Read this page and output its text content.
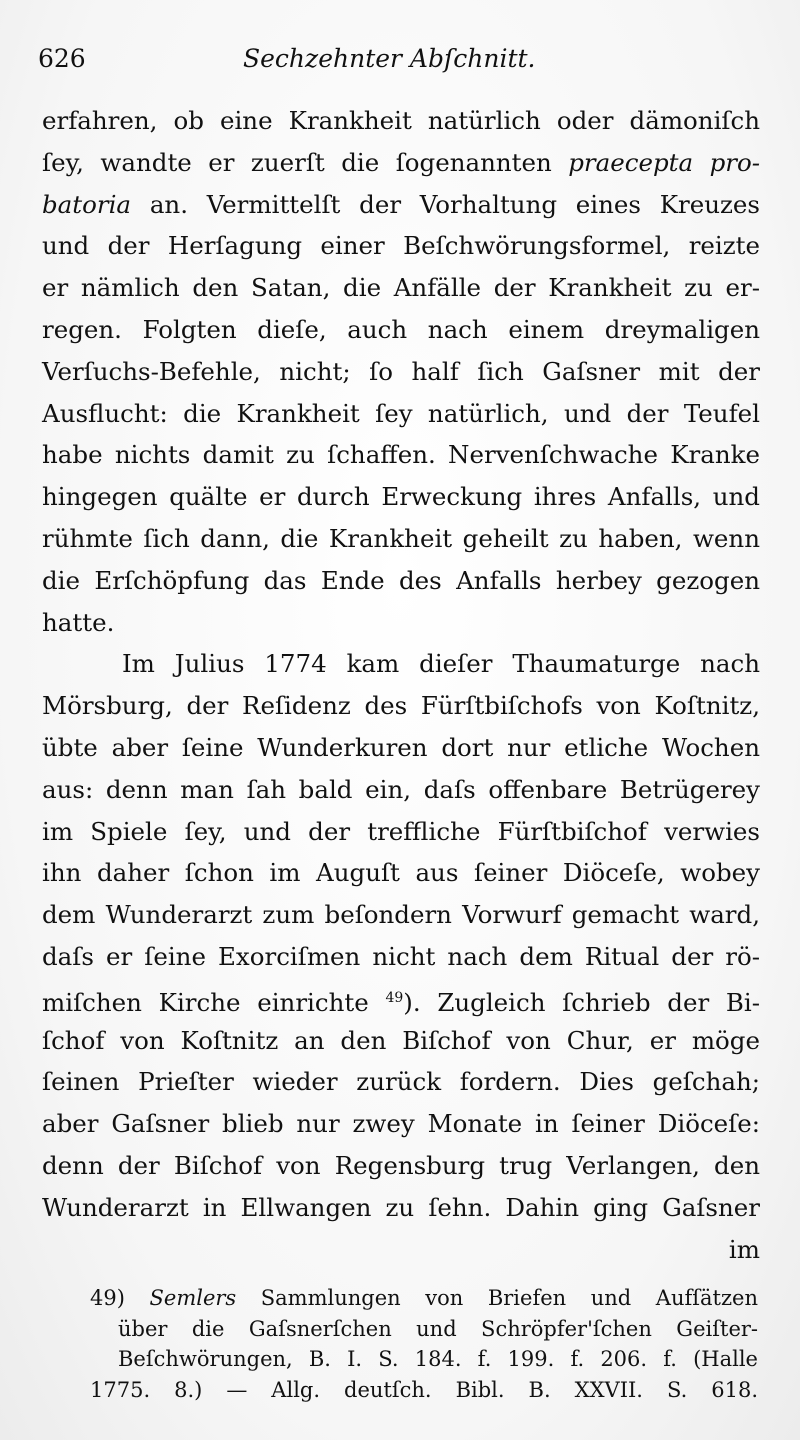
626	Sechzehnter Abſchnitt.
erfahren, ob eine Krankheit natürlich oder dämoniſch
ſey, wandte er zuerſt die ſogenannten praecepta pro-
batoria an. Vermittelſt der Vorhaltung eines Kreuzes
und der Herſagung einer Beſchwörungsformel, reizte
er nämlich den Satan, die Anfälle der Krankheit zu er-
regen. Folgten dieſe, auch nach einem dreymaligen
Verſuchs-Befehle, nicht; ſo half ſich Gaſsner mit der
Ausflucht: die Krankheit ſey natürlich, und der Teufel
habe nichts damit zu ſchaffen. Nervenſchwache Kranke
hingegen quälte er durch Erweckung ihres Anfalls, und
rühmte ſich dann, die Krankheit geheilt zu haben, wenn
die Erſchöpfung das Ende des Anfalls herbey gezogen
hatte.
Im Julius 1774 kam dieſer Thaumaturge nach
Mörsburg, der Reſidenz des Fürſtbiſchofs von Koſtnitz,
übte aber ſeine Wunderkuren dort nur etliche Wochen
aus: denn man ſah bald ein, daſs offenbare Betrügerey
im Spiele ſey, und der treffliche Fürſtbiſchof verwies
ihn daher ſchon im Auguſt aus ſeiner Diöceſe, wobey
dem Wunderarzt zum beſondern Vorwurf gemacht ward,
daſs er ſeine Exorciſmen nicht nach dem Ritual der rö-
miſchen Kirche einrichte $^{49}$). Zugleich ſchrieb der Bi-
ſchof von Koſtnitz an den Biſchof von Chur, er möge
ſeinen Prieſter wieder zurück fordern. Dies geſchah;
aber Gaſsner blieb nur zwey Monate in ſeiner Diöceſe:
denn der Biſchof von Regensburg trug Verlangen, den
Wunderarzt in Ellwangen zu ſehn. Dahin ging Gaſsner
im
49) Semlers Sammlungen von Briefen und Aufſätzen
über die Gaſsnerſchen und Schröpfer'ſchen Geiſter-
Beſchwörungen, B. I. S. 184. f. 199. f. 206. f. (Halle
1775. 8.) — Allg. deutſch. Bibl. B. XXVII. S. 618.
